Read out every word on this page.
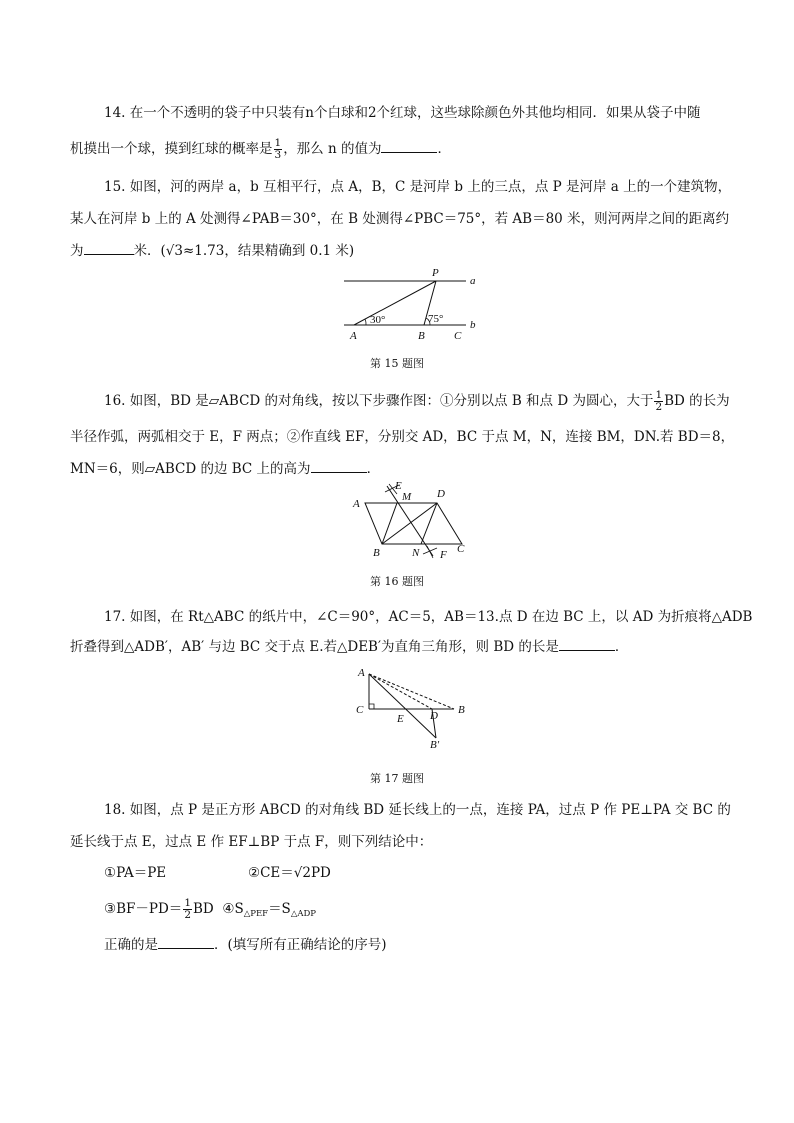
14. 在一个不透明的袋子中只装有n个白球和2个红球，这些球除颜色外其他均相同．如果从袋子中随
机摸出一个球，摸到红球的概率是 $\frac{1}{3}$ ，那么 n 的值为	．
15. 如图，河的两岸 a，b 互相平行，点 A，B，C 是河岸 b 上的三点，点 P 是河岸 a 上的一个建筑物，
某人在河岸 b 上的 A 处测得∠PAB＝30°，在 B 处测得∠PBC＝75°，若 AB＝80 米，则河两岸之间的距离约
为	米．(√3≈1.73，结果精确到 0.1 米)
P
a
b
A	B	C
30°	75°
第 15 题图
16. 如图，BD 是▱ABCD 的对角线，按以下步骤作图：①分别以点 B 和点 D 为圆心，大于 $\frac{1}{2}$ BD 的长为
半径作弧，两弧相交于 E，F 两点；②作直线 EF，分别交 AD，BC 于点 M，N，连接 BM，DN.若 BD＝8，
MN＝6，则▱ABCD 的边 BC 上的高为	．
A
D
B	C
E
M
N F
第 16 题图
17. 如图，在 Rt△ABC 的纸片中，∠C＝90°，AC＝5，AB＝13.点 D 在边 BC 上，以 AD 为折痕将△ADB
折叠得到△ADB′，AB′ 与边 BC 交于点 E.若△DEB′为直角三角形，则 BD 的长是	．
A
C
E D B
B′
第 17 题图
18. 如图，点 P 是正方形 ABCD 的对角线 BD 延长线上的一点，连接 PA，过点 P 作 PE⊥PA 交 BC 的
延长线于点 E，过点 E 作 EF⊥BP 于点 F，则下列结论中：
①PA＝PE	②CE＝√2PD
③BF－PD＝ $\frac{1}{2}$ BD $④S_{\triangle PEF}=S_{\triangle ADP}$
正确的是	．(填写所有正确结论的序号)
